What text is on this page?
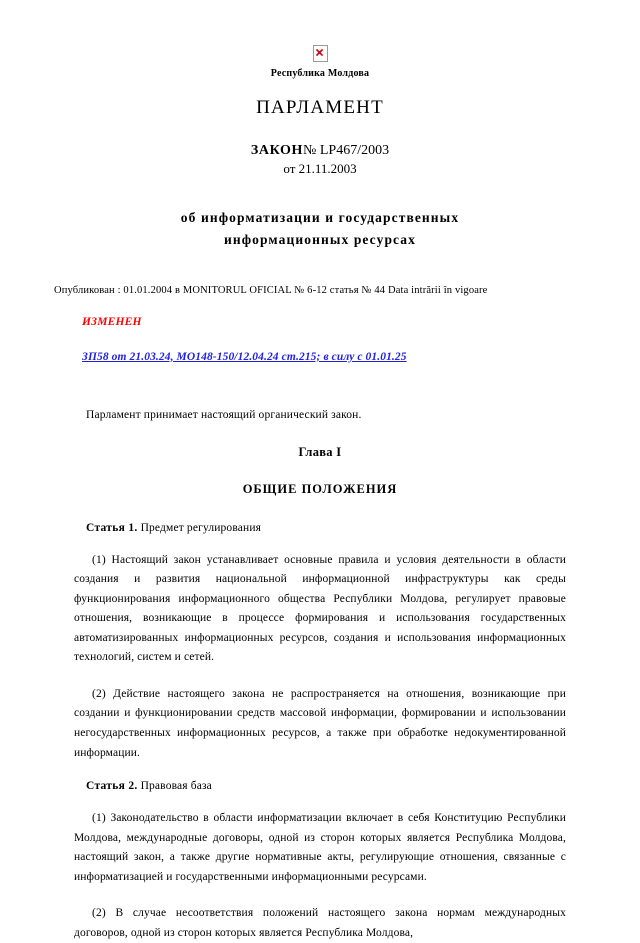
Республика Молдова
ПАРЛАМЕНТ
ЗАКОН№ LP467/2003
от 21.11.2003
об информатизации и государственных
информационных ресурсах
Опубликован : 01.01.2004 в MONITORUL OFICIAL № 6-12 статья № 44 Data intrării în vigoare
ИЗМЕНЕН
ЗП58 от 21.03.24, МО148-150/12.04.24 ст.215; в силу с 01.01.25
Парламент принимает настоящий органический закон.
Глава I
ОБЩИЕ ПОЛОЖЕНИЯ
Статья 1. Предмет регулирования

(1) Настоящий закон устанавливает основные правила и условия деятельности в области создания и развития национальной информационной инфраструктуры как среды функционирования информационного общества Республики Молдова, регулирует правовые отношения, возникающие в процессе формирования и использования государственных автоматизированных информационных ресурсов, создания и использования информационных технологий, систем и сетей.

(2) Действие настоящего закона не распространяется на отношения, возникающие при создании и функционировании средств массовой информации, формировании и использовании негосударственных информационных ресурсов, а также при обработке недокументированной информации.

Статья 2. Правовая база

(1) Законодательство в области информатизации включает в себя Конституцию Республики Молдова, международные договоры, одной из сторон которых является Республика Молдова, настоящий закон, а также другие нормативные акты, регулирующие отношения, связанные с информатизацией и государственными информационными ресурсами.

(2) В случае несоответствия положений настоящего закона нормам международных договоров, одной из сторон которых является Республика Молдова,
